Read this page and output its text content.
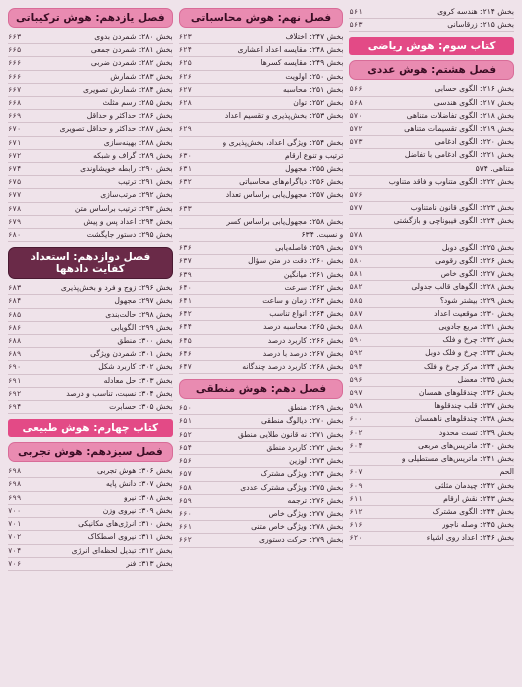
بخش ۲۱۴: هندسه کروی
۵۶۱
بخش ۲۱۵: زرقاسانی
۵۶۳
کتاب سوم: هوش ریاضی
فصل هشتم: هوش عددی
بخش ۲۱۶: الگوی حسابی
۵۶۶
بخش ۲۱۷: الگوی هندسی
۵۶۸
بخش ۲۱۸: الگوی تفاضلات متناهی
۵۷۰
بخش ۲۱۹: الگوی تقسیمات متناهی
۵۷۲
بخش ۲۲۰: الگوی ادغامی
۵۷۳
بخش ۲۲۱: الگوی ادغامی با تفاضل
متناهی. ۵۷۴
بخش ۲۲۲: الگوی متناوب و فاقد متناوب
۵۷۶
بخش ۲۲۳: الگوی قانون نامتناوب
۵۷۷
بخش ۲۲۴: الگوی فیبوناچی و بازگشتی
۵۷۸
بخش ۲۲۵: الگوی دوبل
۵۷۹
بخش ۲۲۶: الگوی رقومی
۵۸۰
بخش ۲۲۷: الگوی خاص
۵۸۱
بخش ۲۲۸: الگوهای قالب جدولی
۵۸۲
بخش ۲۲۹: بیشتر شود؟
۵۸۵
بخش ۲۳۰: موقعیت اعداد
۵۸۷
بخش ۲۳۱: مربع جادویی
۵۸۸
بخش ۲۳۲: چرخ و فلک
۵۹۰
بخش ۲۳۳: چرخ و فلک دوبل
۵۹۲
بخش ۲۳۴: مرکز چرخ و فلک
۵۹۴
بخش ۲۳۵: معضل
۵۹۶
بخش ۲۳۶: چندقلوهای همسان
۵۹۷
بخش ۲۳۷: قلب چندقلوها
۵۹۸
بخش ۲۳۸: چندقلوهای ناهمسان
۶۰۰
بخش ۲۳۹: تست محدود
۶۰۲
بخش ۲۴۰: ماتریس‌های مربعی
۶۰۴
بخش ۲۴۱: ماتریس‌های مستطیلی و
الحم
۶۰۷
بخش ۲۴۲: چیدمان مثلثی
۶۰۹
بخش ۲۴۳: نقش ارقام
۶۱۱
بخش ۲۴۴: الگوی مشترک
۶۱۲
بخش ۲۴۵: وصله ناجور
۶۱۶
بخش ۲۴۶: اعداد روی اشیاء
۶۲۰
فصل نهم: هوش محاسباتی
بخش ۲۴۷: اختلاف
۶۲۳
بخش ۲۴۸: مقایسه اعداد اعشاری
۶۲۴
بخش ۲۴۹: مقایسه کسرها
۶۲۵
بخش ۲۵۰: اولویت
۶۲۶
بخش ۲۵۱: محاسبه
۶۲۷
بخش ۲۵۲: توان
۶۲۸
بخش ۲۵۳: بخش‌پذیری و تقسیم اعداد
۶۲۹
بخش ۲۵۴: ویژگی اعداد، بخش‌پذیری و
ترتیب و تنوع ارقام
۶۳۰
بخش ۲۵۵: مجهول
۶۳۱
بخش ۲۵۶: دیاگرام‌های محاسباتی
۶۳۲
بخش ۲۵۷: مجهول‌یابی براساس تعداد
۶۳۳
بخش ۲۵۸: مجهول‌یابی براساس کسر
و نسبت. ۶۳۴
بخش ۲۵۹: فاصله‌یابی
۶۳۶
بخش ۲۶۰: دقت در متن سؤال
۶۳۷
بخش ۲۶۱: میانگین
۶۳۹
بخش ۲۶۲: سرعت
۶۴۰
بخش ۲۶۳: زمان و ساعت
۶۴۱
بخش ۲۶۴: انواع تناسب
۶۴۲
بخش ۲۶۵: محاسبه درصد
۶۴۴
بخش ۲۶۶: کاربرد درصد
۶۴۵
بخش ۲۶۷: درصد با درصد
۶۴۶
بخش ۲۶۸: کاربرد درصد چندگانه
۶۴۷
فصل دهم: هوش منطقی
بخش ۲۶۹: منطق
۶۵۰
بخش ۲۷۰: دیالوگ منطقی
۶۵۱
بخش ۲۷۱: نه قانون طلایی منطق
۶۵۲
بخش ۲۷۲: کاربرد منطق
۶۵۴
بخش ۲۷۳: لوزین
۶۵۶
بخش ۲۷۴: ویژگی مشترک
۶۵۷
بخش ۲۷۵: ویژگی مشترک عددی
۶۵۸
بخش ۲۷۶: ترجمه
۶۵۹
بخش ۲۷۷: ویژگی خاص
۶۶۰
بخش ۲۷۸: ویژگی خاص متنی
۶۶۱
بخش ۲۷۹: حرکت دستوری
۶۶۲
فصل یازدهم: هوش ترکیباتی
بخش ۲۸۰: شمردن بدوی
۶۶۳
بخش ۲۸۱: شمردن جمعی
۶۶۵
بخش ۲۸۲: شمردن ضربی
۶۶۶
بخش ۲۸۳: شمارش
۶۶۶
بخش ۲۸۴: شمارش تصویری
۶۶۷
بخش ۲۸۵: رسم مثلث
۶۶۸
بخش ۲۸۶: حداکثر و حداقل
۶۶۹
بخش ۲۸۷: حداکثر و حداقل تصویری
۶۷۰
بخش ۲۸۸: بهینه‌سازی
۶۷۱
بخش ۲۸۹: گراف و شبکه
۶۷۲
بخش ۲۹۰: رابطه خویشاوندی
۶۷۴
بخش ۲۹۱: ترتیب
۶۷۵
بخش ۲۹۲: مرتب‌سازی
۶۷۷
بخش ۲۹۳: ترتیب براساس متن
۶۷۸
بخش ۲۹۴: اعداد پس و پیش
۶۷۹
بخش ۲۹۵: دستور جایگشت
۶۸۰
فصل دوازدهم: استعداد کفایت دادهها
بخش ۲۹۶: زوج و فرد و بخش‌پذیری
۶۸۳
بخش ۲۹۷: مجهول
۶۸۴
بخش ۲۹۸: حالت‌بندی
۶۸۵
بخش ۲۹۹: الگویابی
۶۸۶
بخش ۳۰۰: منطق
۶۸۸
بخش ۳۰۱: شمردن ویژگی
۶۸۹
بخش ۳۰۲: کاربرد شکل
۶۹۰
بخش ۳۰۳: حل معادله
۶۹۱
بخش ۳۰۴: نسبت، تناسب و درصد
۶۹۲
بخش ۳۰۵: حسابرت
۶۹۴
کتاب چهارم: هوش طبیعی
فصل سیزدهم: هوش تجربی
بخش ۳۰۶: هوش تجربی
۶۹۸
بخش ۳۰۷: دانش پایه
۶۹۸
بخش ۳۰۸: نیرو
۶۹۹
بخش ۳۰۹: نیروی وزن
۷۰۰
بخش ۳۱۰: انرژی‌های مکانیکی
۷۰۱
بخش ۳۱۱: نیروی اصطکاک
۷۰۲
بخش ۳۱۲: تبدیل لحظه‌ای انرژی
۷۰۴
بخش ۳۱۳: فنر
۷۰۶
